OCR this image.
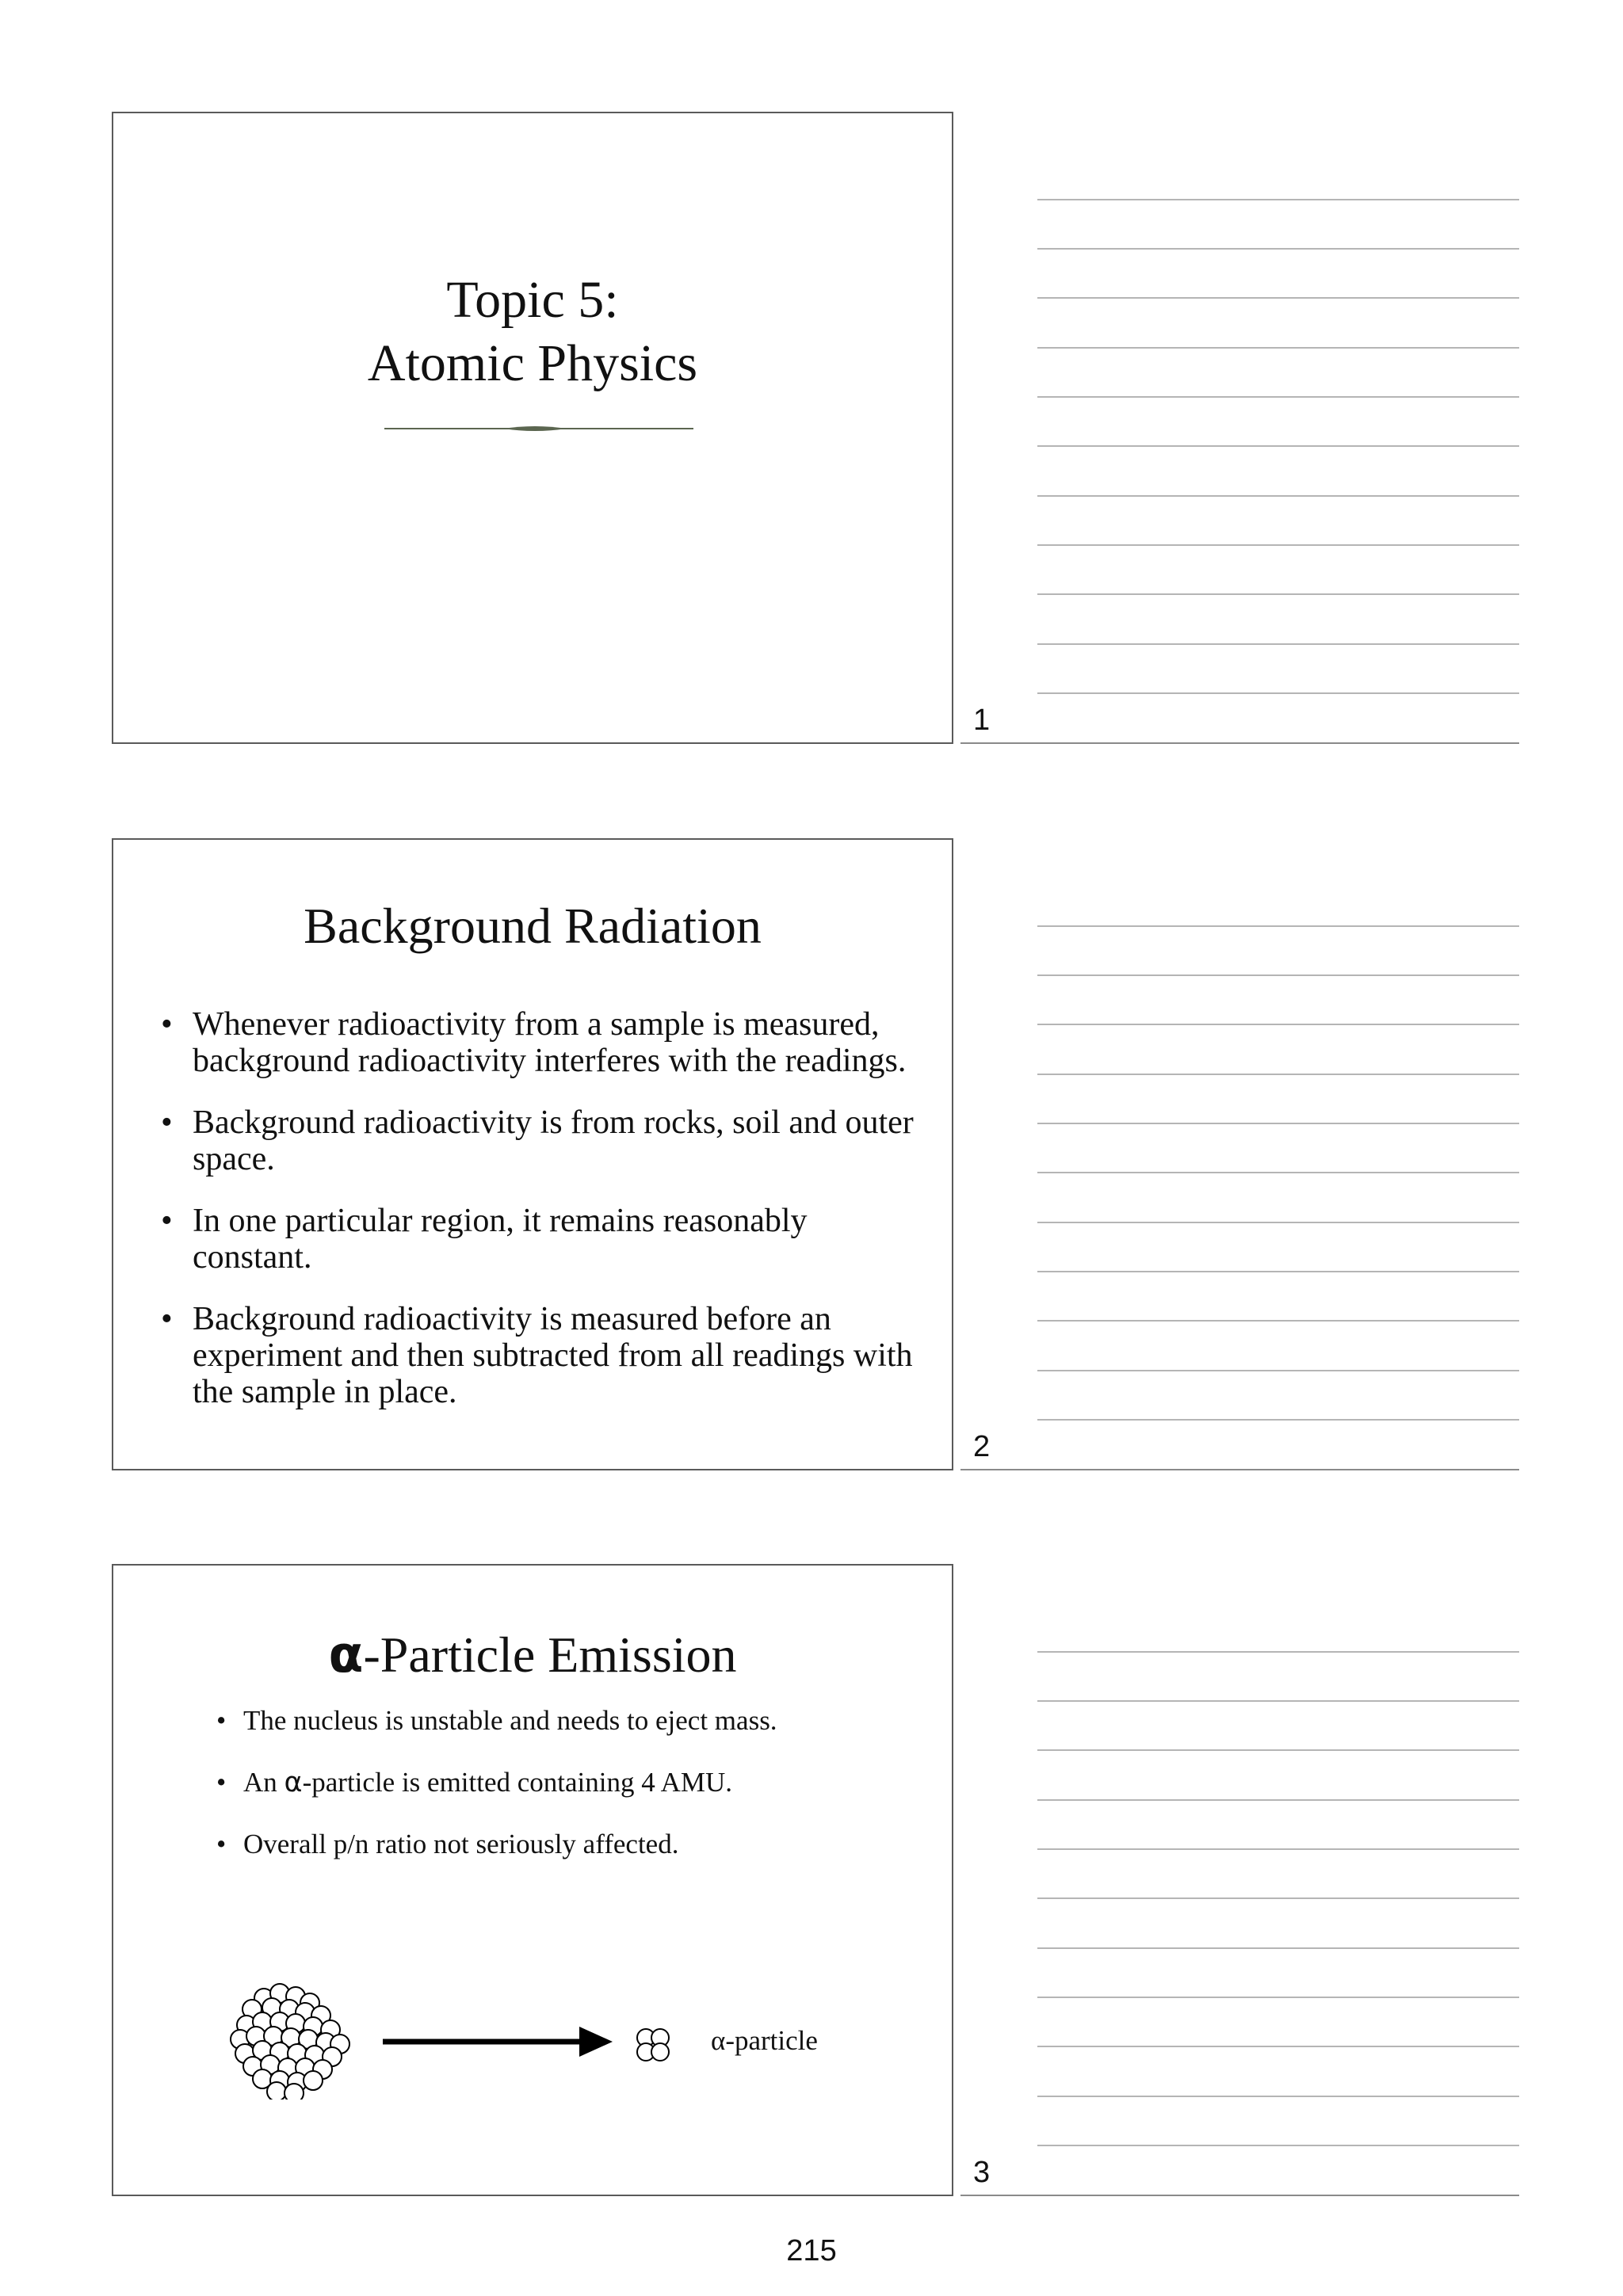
Topic 5:
Atomic Physics
1
Background Radiation
• Whenever radioactivity from a sample is measured, background radioactivity interferes with the readings.
• Background radioactivity is from rocks, soil and outer space.
• In one particular region, it remains reasonably constant.
• Background radioactivity is measured before an experiment and then subtracted from all readings with the sample in place.
2
α-Particle Emission
• The nucleus is unstable and needs to eject mass.
• An α-particle is emitted containing 4 AMU.
• Overall p/n ratio not seriously affected.
α-particle
3
215
